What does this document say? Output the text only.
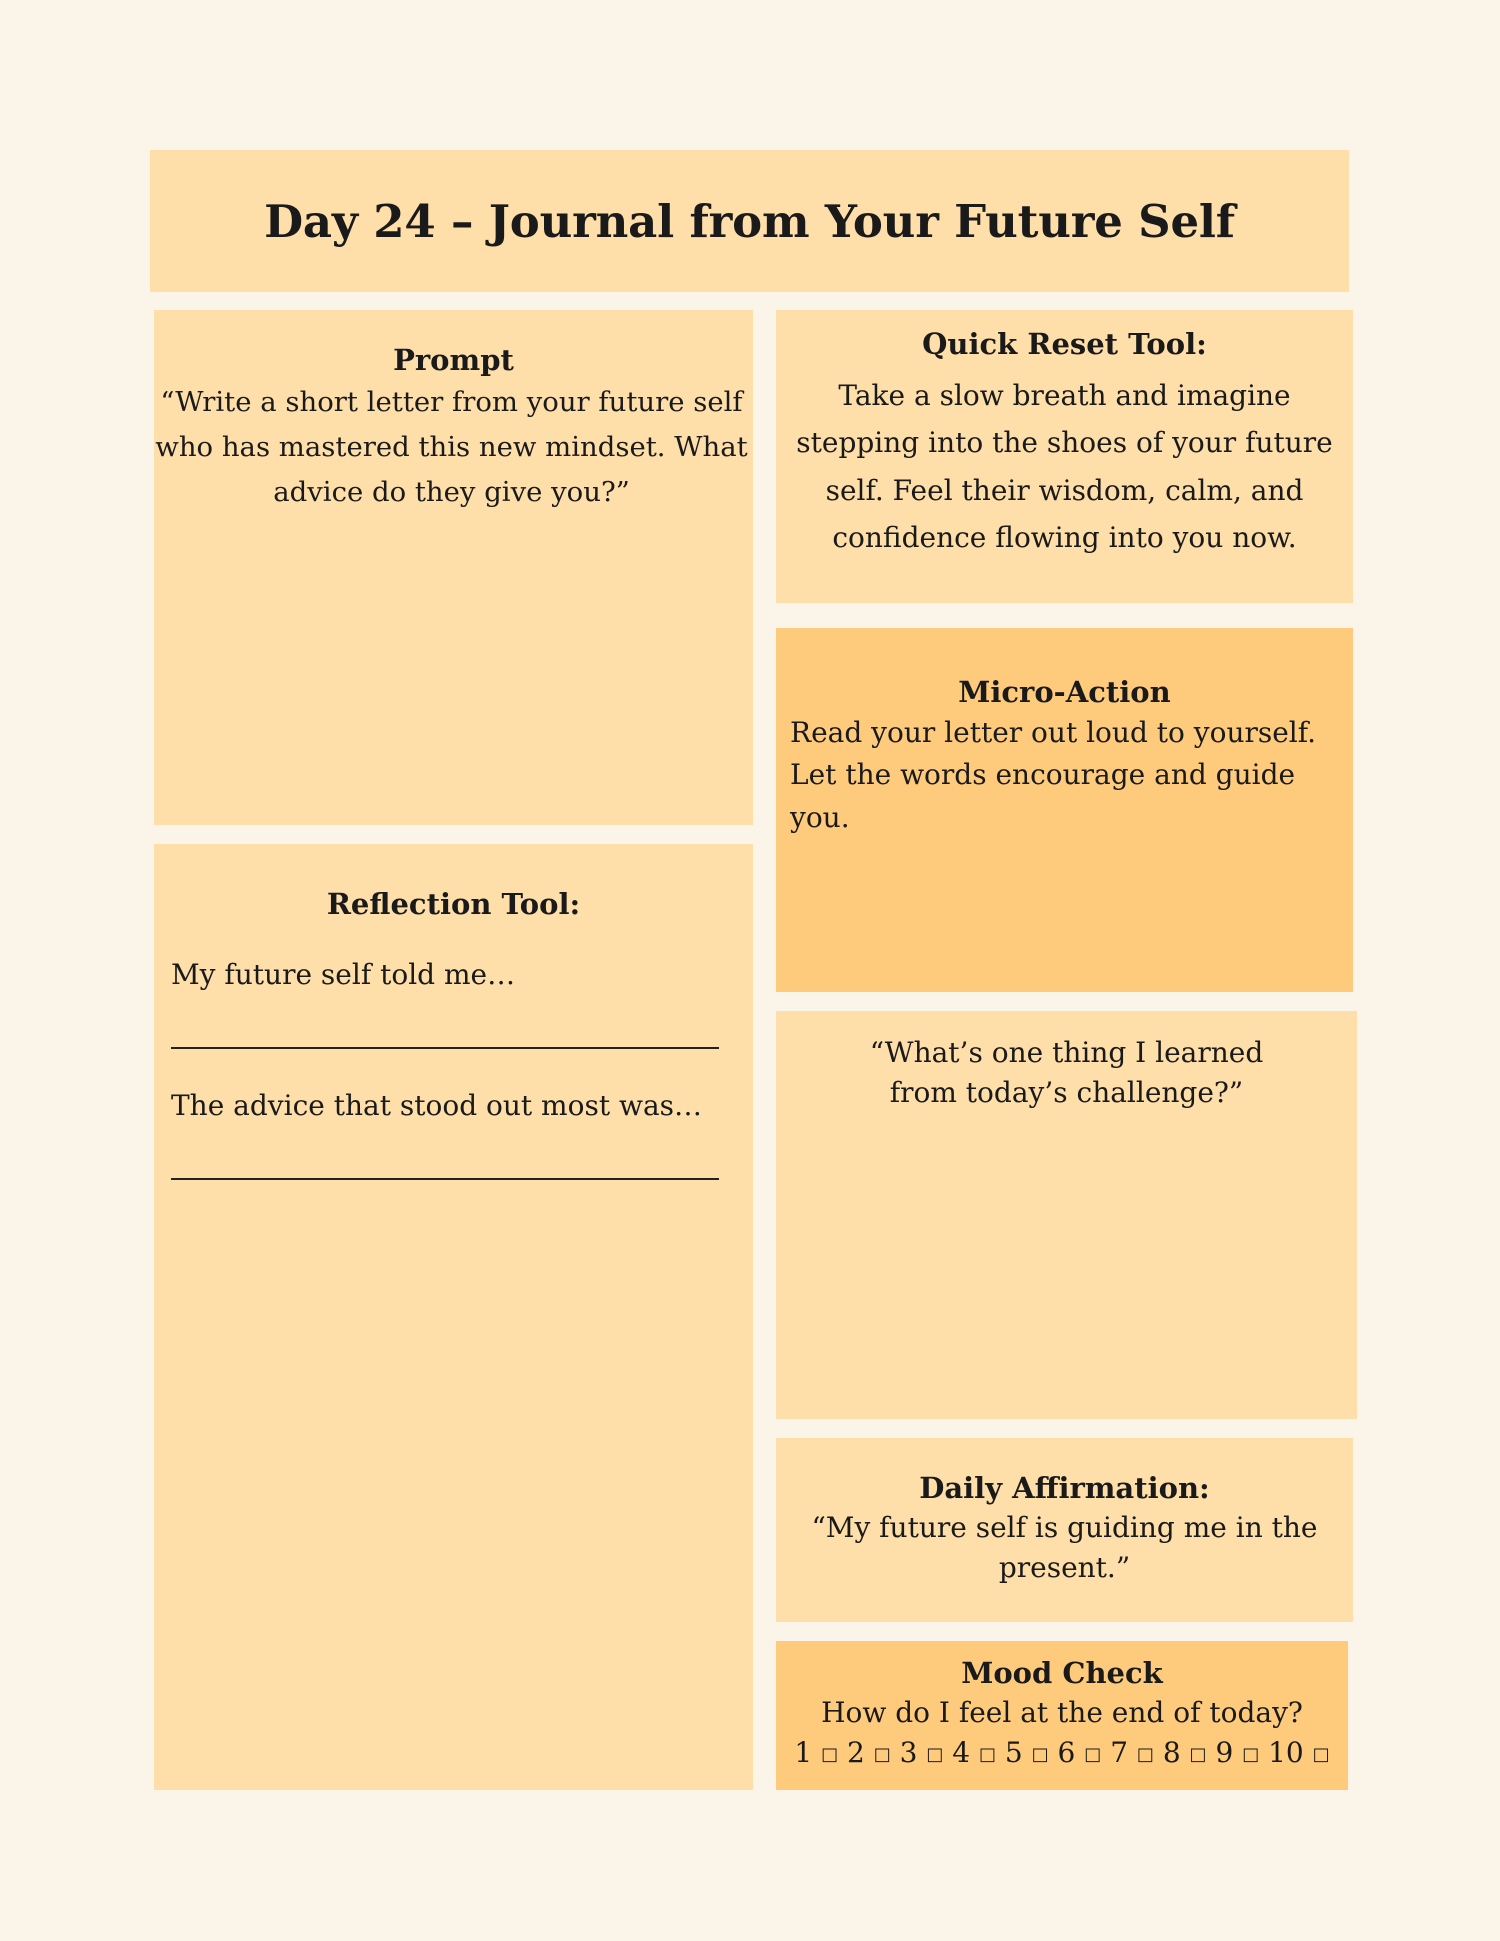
Day 24 – Journal from Your Future Self
Prompt
“Write a short letter from your future self who has mastered this new mindset. What advice do they give you?”
Quick Reset Tool:
Take a slow breath and imagine stepping into the shoes of your future self. Feel their wisdom, calm, and confidence flowing into you now.
Micro-Action
Read your letter out loud to yourself. Let the words encourage and guide you.
Reflection Tool:
My future self told me…
The advice that stood out most was…
“What’s one thing I learned
from today’s challenge?”
Daily Affirmation:
“My future self is guiding me in the present.”
Mood Check
How do I feel at the end of today?
1 □ 2 □ 3 □ 4 □ 5 □ 6 □ 7 □ 8 □ 9 □ 10 □
